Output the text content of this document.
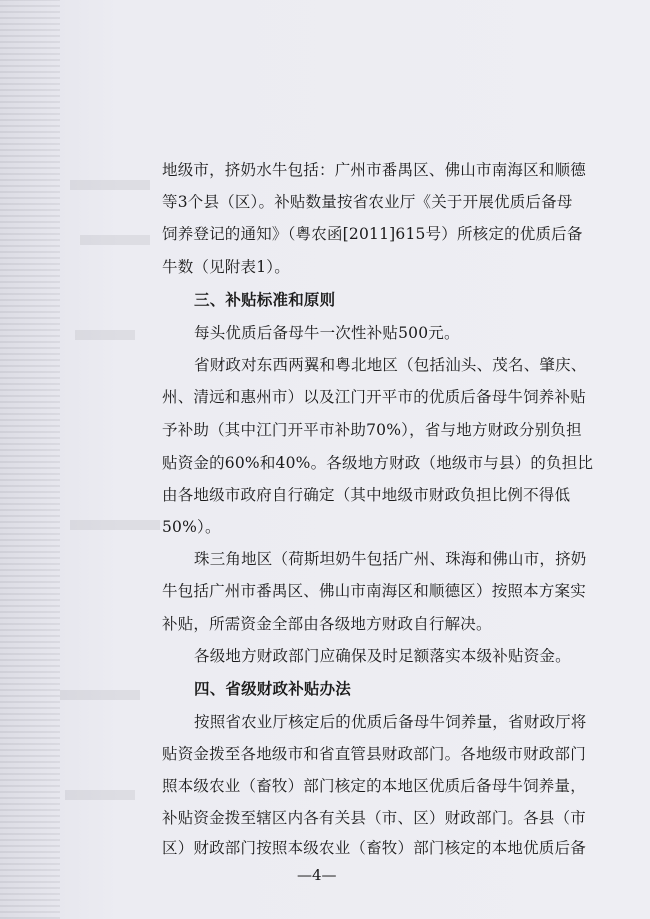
地级市，挤奶水牛包括：广州市番禺区、佛山市南海区和顺德
等3个县（区）。补贴数量按省农业厅《关于开展优质后备母
饲养登记的通知》（粤农函[2011]615号）所核定的优质后备
牛数（见附表1）。
三、补贴标准和原则
每头优质后备母牛一次性补贴500元。
省财政对东西两翼和粤北地区（包括汕头、茂名、肇庆、
州、清远和惠州市）以及江门开平市的优质后备母牛饲养补贴
予补助（其中江门开平市补助70%），省与地方财政分别负担
贴资金的60%和40%。各级地方财政（地级市与县）的负担比
由各地级市政府自行确定（其中地级市财政负担比例不得低
50%）。
珠三角地区（荷斯坦奶牛包括广州、珠海和佛山市，挤奶
牛包括广州市番禺区、佛山市南海区和顺德区）按照本方案实
补贴，所需资金全部由各级地方财政自行解决。
各级地方财政部门应确保及时足额落实本级补贴资金。
四、省级财政补贴办法
按照省农业厅核定后的优质后备母牛饲养量，省财政厅将
贴资金拨至各地级市和省直管县财政部门。各地级市财政部门
照本级农业（畜牧）部门核定的本地区优质后备母牛饲养量，
补贴资金拨至辖区内各有关县（市、区）财政部门。各县（市
区）财政部门按照本级农业（畜牧）部门核定的本地优质后备
—4—
